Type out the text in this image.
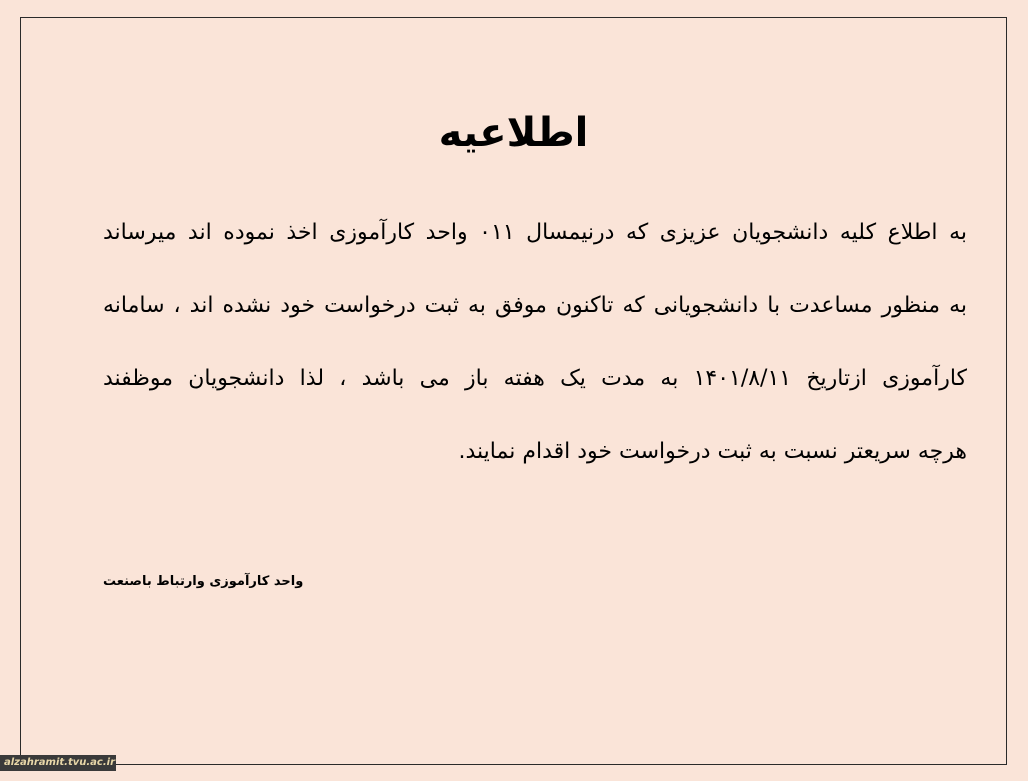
اطلاعیه
به اطلاع کلیه دانشجویان عزیزی که درنیمسال ۰۱۱ واحد کارآموزی اخذ نموده اند میرساند
به منظور مساعدت با دانشجویانی که تاکنون موفق به ثبت درخواست خود نشده اند ، سامانه
کارآموزی ازتاریخ ۱۴۰۱/۸/۱۱ به مدت یک هفته باز می باشد ، لذا دانشجویان موظفند
هرچه سریعتر نسبت به ثبت درخواست خود اقدام نمایند.

واحد کارآموزی وارتباط باصنعت

alzahramit.tvu.ac.ir
